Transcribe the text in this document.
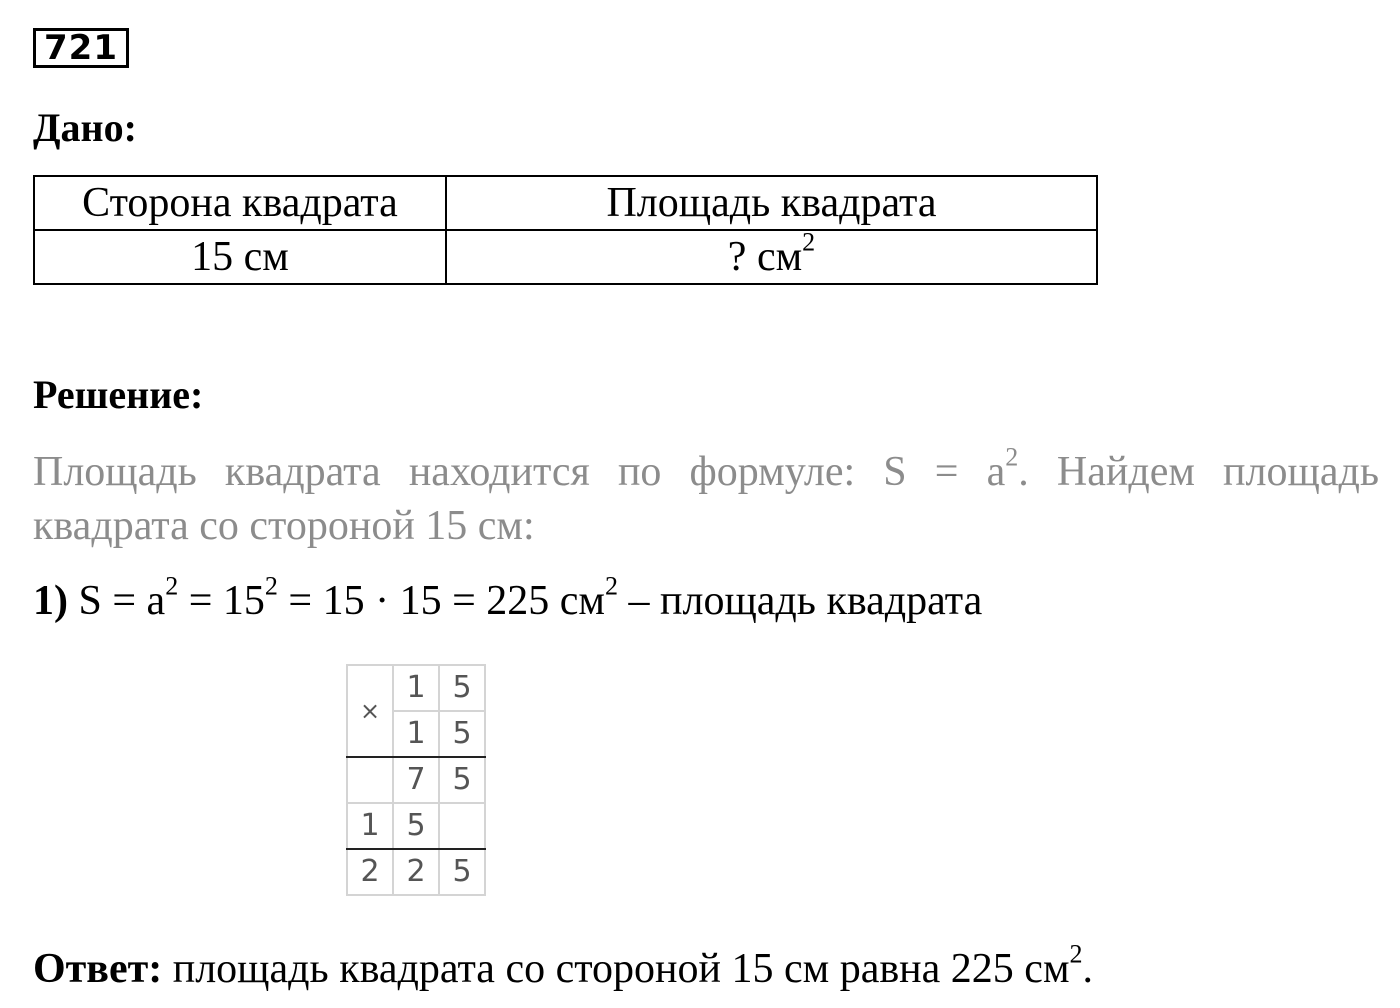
721
Дано:
Сторона квадрата	Площадь квадрата
15 см	? $см^2$
Решение:
Площадь квадрата находится по формуле: $S = a^2$. Найдем площадь квадрата со стороной 15 см:
1) $S = a^2 = 15^2 = 15 \cdot 15 = 225$ $см^2$ – площадь квадрата
×	1	5
	1	5
	7	5
1	5	
2	2	5
Ответ: площадь квадрата со стороной 15 см равна 225 $см^2$.
